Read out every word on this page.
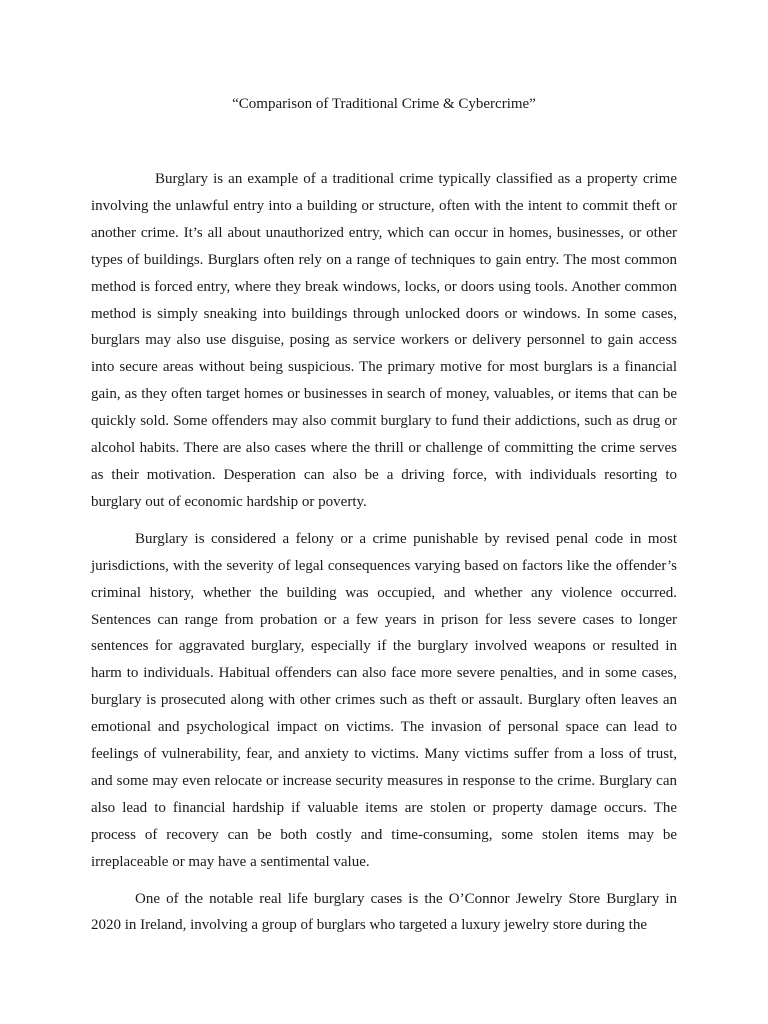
“Comparison of Traditional Crime & Cybercrime”

Burglary is an example of a traditional crime typically classified as a property crime involving the unlawful entry into a building or structure, often with the intent to commit theft or another crime. It’s all about unauthorized entry, which can occur in homes, businesses, or other types of buildings. Burglars often rely on a range of techniques to gain entry. The most common method is forced entry, where they break windows, locks, or doors using tools. Another common method is simply sneaking into buildings through unlocked doors or windows. In some cases, burglars may also use disguise, posing as service workers or delivery personnel to gain access into secure areas without being suspicious. The primary motive for most burglars is a financial gain, as they often target homes or businesses in search of money, valuables, or items that can be quickly sold. Some offenders may also commit burglary to fund their addictions, such as drug or alcohol habits. There are also cases where the thrill or challenge of committing the crime serves as their motivation. Desperation can also be a driving force, with individuals resorting to burglary out of economic hardship or poverty.

Burglary is considered a felony or a crime punishable by revised penal code in most jurisdictions, with the severity of legal consequences varying based on factors like the offender’s criminal history, whether the building was occupied, and whether any violence occurred. Sentences can range from probation or a few years in prison for less severe cases to longer sentences for aggravated burglary, especially if the burglary involved weapons or resulted in harm to individuals. Habitual offenders can also face more severe penalties, and in some cases, burglary is prosecuted along with other crimes such as theft or assault. Burglary often leaves an emotional and psychological impact on victims. The invasion of personal space can lead to feelings of vulnerability, fear, and anxiety to victims. Many victims suffer from a loss of trust, and some may even relocate or increase security measures in response to the crime. Burglary can also lead to financial hardship if valuable items are stolen or property damage occurs. The process of recovery can be both costly and time-consuming, some stolen items may be irreplaceable or may have a sentimental value.

One of the notable real life burglary cases is the O’Connor Jewelry Store Burglary in 2020 in Ireland, involving a group of burglars who targeted a luxury jewelry store during the
